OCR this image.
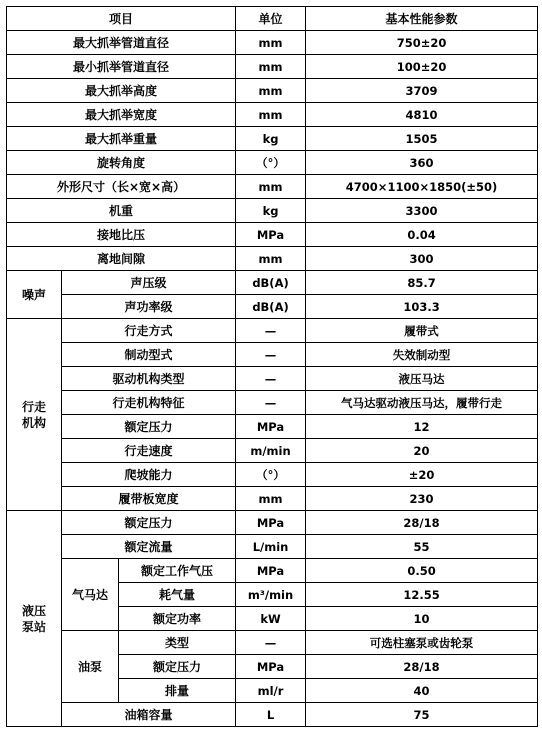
项目			单位	基本性能参数
最大抓举管道直径			mm	750±20
最小抓举管道直径			mm	100±20
最大抓举高度			mm	3709
最大抓举宽度			mm	4810
最大抓举重量			kg	1505
旋转角度			（°）	360
外形尺寸（长×宽×高）			mm	4700×1100×1850(±50)
机重			kg	3300
接地比压			MPa	0.04
离地间隙			mm	300
噪声	声压级		dB(A)	85.7
	声功率级		dB(A)	103.3
行走机构	行走方式		—	履带式
	制动型式		—	失效制动型
	驱动机构类型		—	液压马达
	行走机构特征		—	气马达驱动液压马达，履带行走
	额定压力		MPa	12
	行走速度		m/min	20
	爬坡能力		（°）	±20
	履带板宽度		mm	230
液压泵站	额定压力		MPa	28/18
	额定流量		L/min	55
	气马达	额定工作气压	MPa	0.50
		耗气量	m³/min	12.55
		额定功率	kW	10
	油泵	类型	—	可选柱塞泵或齿轮泵
		额定压力	MPa	28/18
		排量	ml/r	40
	油箱容量		L	75
